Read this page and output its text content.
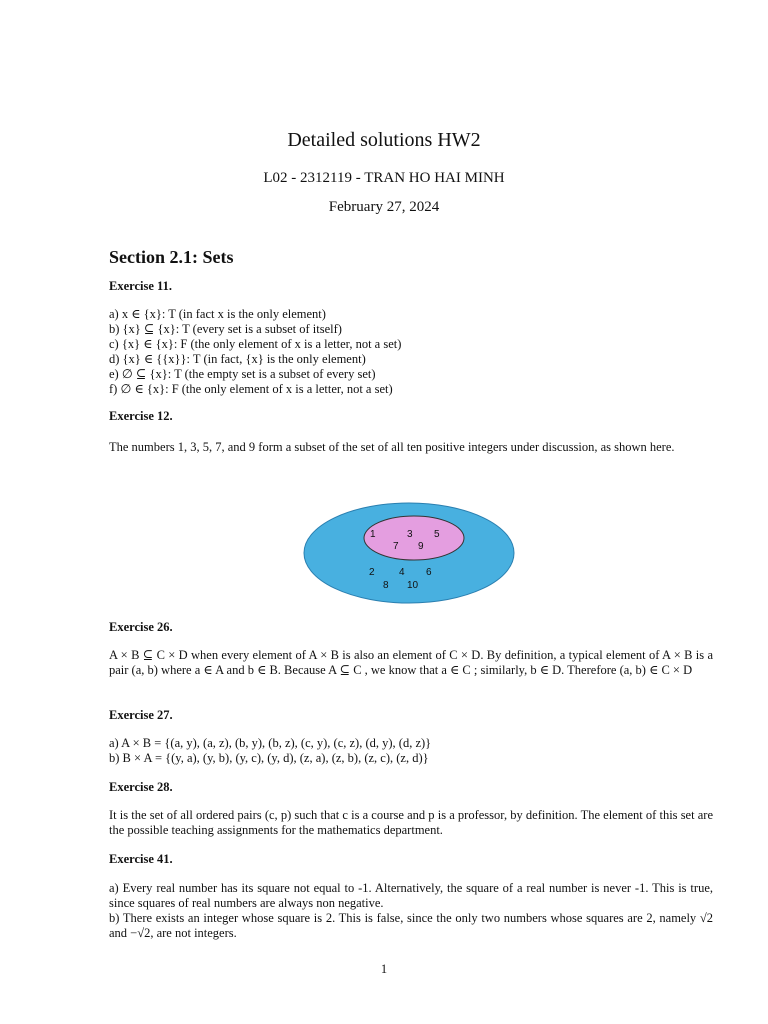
Detailed solutions HW2
L02 - 2312119 - TRAN HO HAI MINH
February 27, 2024
Section 2.1: Sets
Exercise 11.
a) x ∈ {x}: T (in fact x is the only element)
b) {x} ⊆ {x}: T (every set is a subset of itself)
c) {x} ∈ {x}: F (the only element of x is a letter, not a set)
d) {x} ∈ {{x}}: T (in fact, {x} is the only element)
e) ∅ ⊆ {x}: T (the empty set is a subset of every set)
f) ∅ ∈ {x}: F (the only element of x is a letter, not a set)
Exercise 12.
The numbers 1, 3, 5, 7, and 9 form a subset of the set of all ten positive integers under discussion, as shown here.
1	3 5
7 9
2 4 6
8 10
Exercise 26.
A × B ⊆ C × D when every element of A × B is also an element of C × D. By definition, a typical element of A × B is a pair (a, b) where a ∈ A and b ∈ B. Because A ⊆ C , we know that a ∈ C ; similarly, b ∈ D. Therefore (a, b) ∈ C × D
Exercise 27.
a) A × B = {(a, y), (a, z), (b, y), (b, z), (c, y), (c, z), (d, y), (d, z)}
b) B × A = {(y, a), (y, b), (y, c), (y, d), (z, a), (z, b), (z, c), (z, d)}
Exercise 28.
It is the set of all ordered pairs (c, p) such that c is a course and p is a professor, by definition. The element of this set are the possible teaching assignments for the mathematics department.
Exercise 41.
a) Every real number has its square not equal to -1. Alternatively, the square of a real number is never -1. This is true, since squares of real numbers are always non negative.
b) There exists an integer whose square is 2. This is false, since the only two numbers whose squares are 2, namely √2 and −√2, are not integers.
1
